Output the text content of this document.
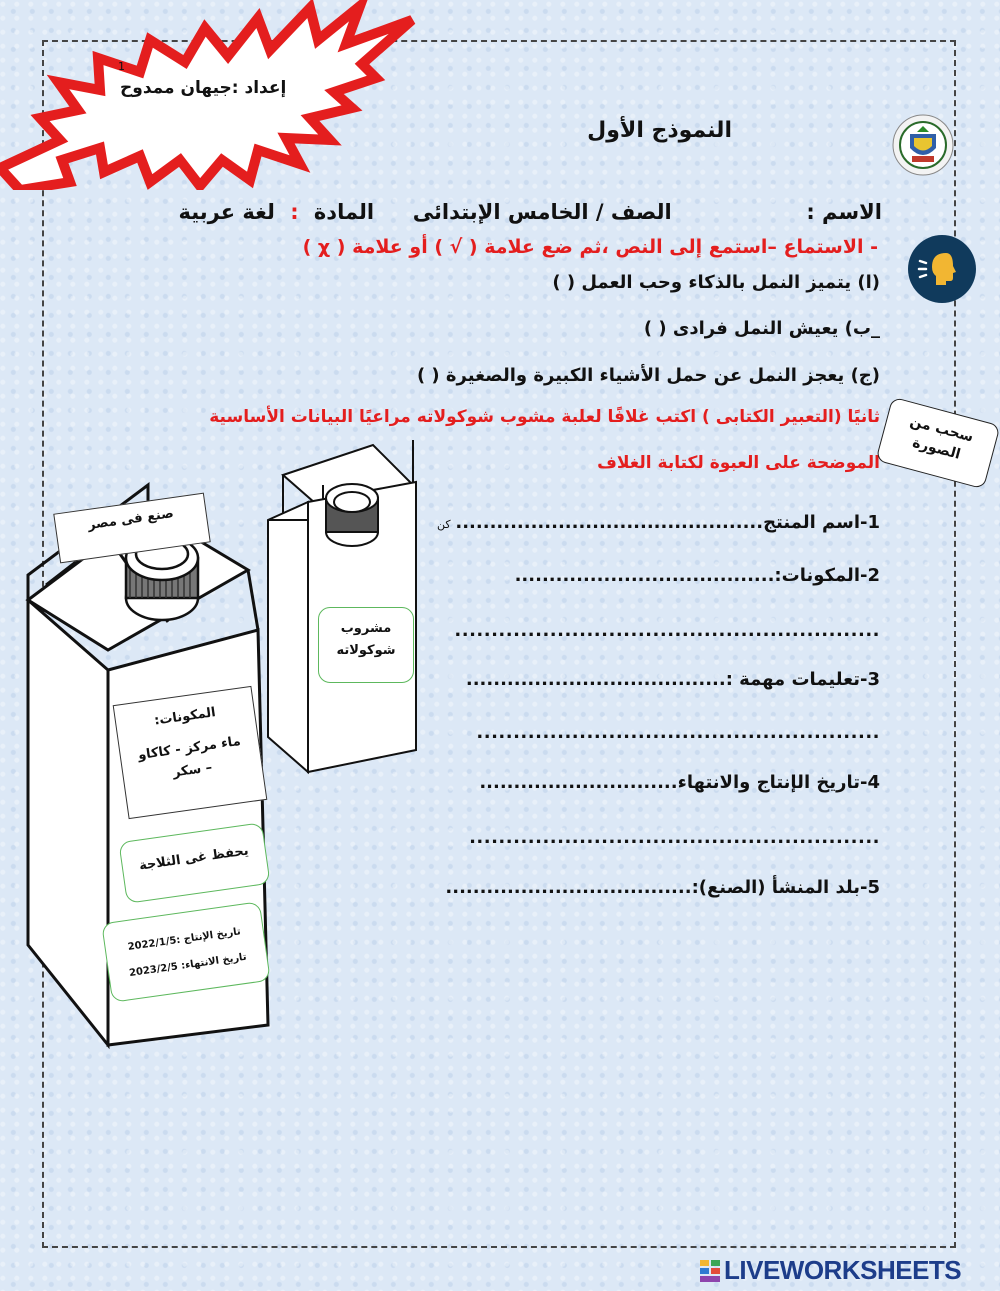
إعداد :جيهان ممدوح
1
النموذج الأول
الاسم :  الصف / الخامس الإبتدائى  المادة : لغة عربية
- الاستماع –استمع إلى النص ،ثم ضع علامة ( √ ) أو علامة ( χ )
(ا) يتميز النمل بالذكاء وحب العمل ( )
_ب) يعيش النمل فرادى ( )
(ج) يعجز النمل عن حمل الأشياء الكبيرة والصغيرة ( )
ثانيًا (التعبير الكتابى ) اكتب غلافًا لعلبة مشوب شوكولاته مراعيًا البيانات الأساسية
الموضحة على العبوة لكتابة الغلاف
سحب من الصورة
كن 1-اسم المنتج.............................................
2-المكونات:......................................
..........................................................
3-تعليمات مهمة :......................................
.......................................................
4-تاريخ الإنتاج والانتهاء.............................
........................................................
5-بلد المنشأ (الصنع):....................................
صنع فى مصر
مشروب
شوكولاته
المكونات:
ماء مركز - كاكاو
– سكر
يحفظ غى الثلاجة
تاريخ الإنتاج :2022/1/5
تاريخ الانتهاء: 2023/2/5
LIVEWORKSHEETS
